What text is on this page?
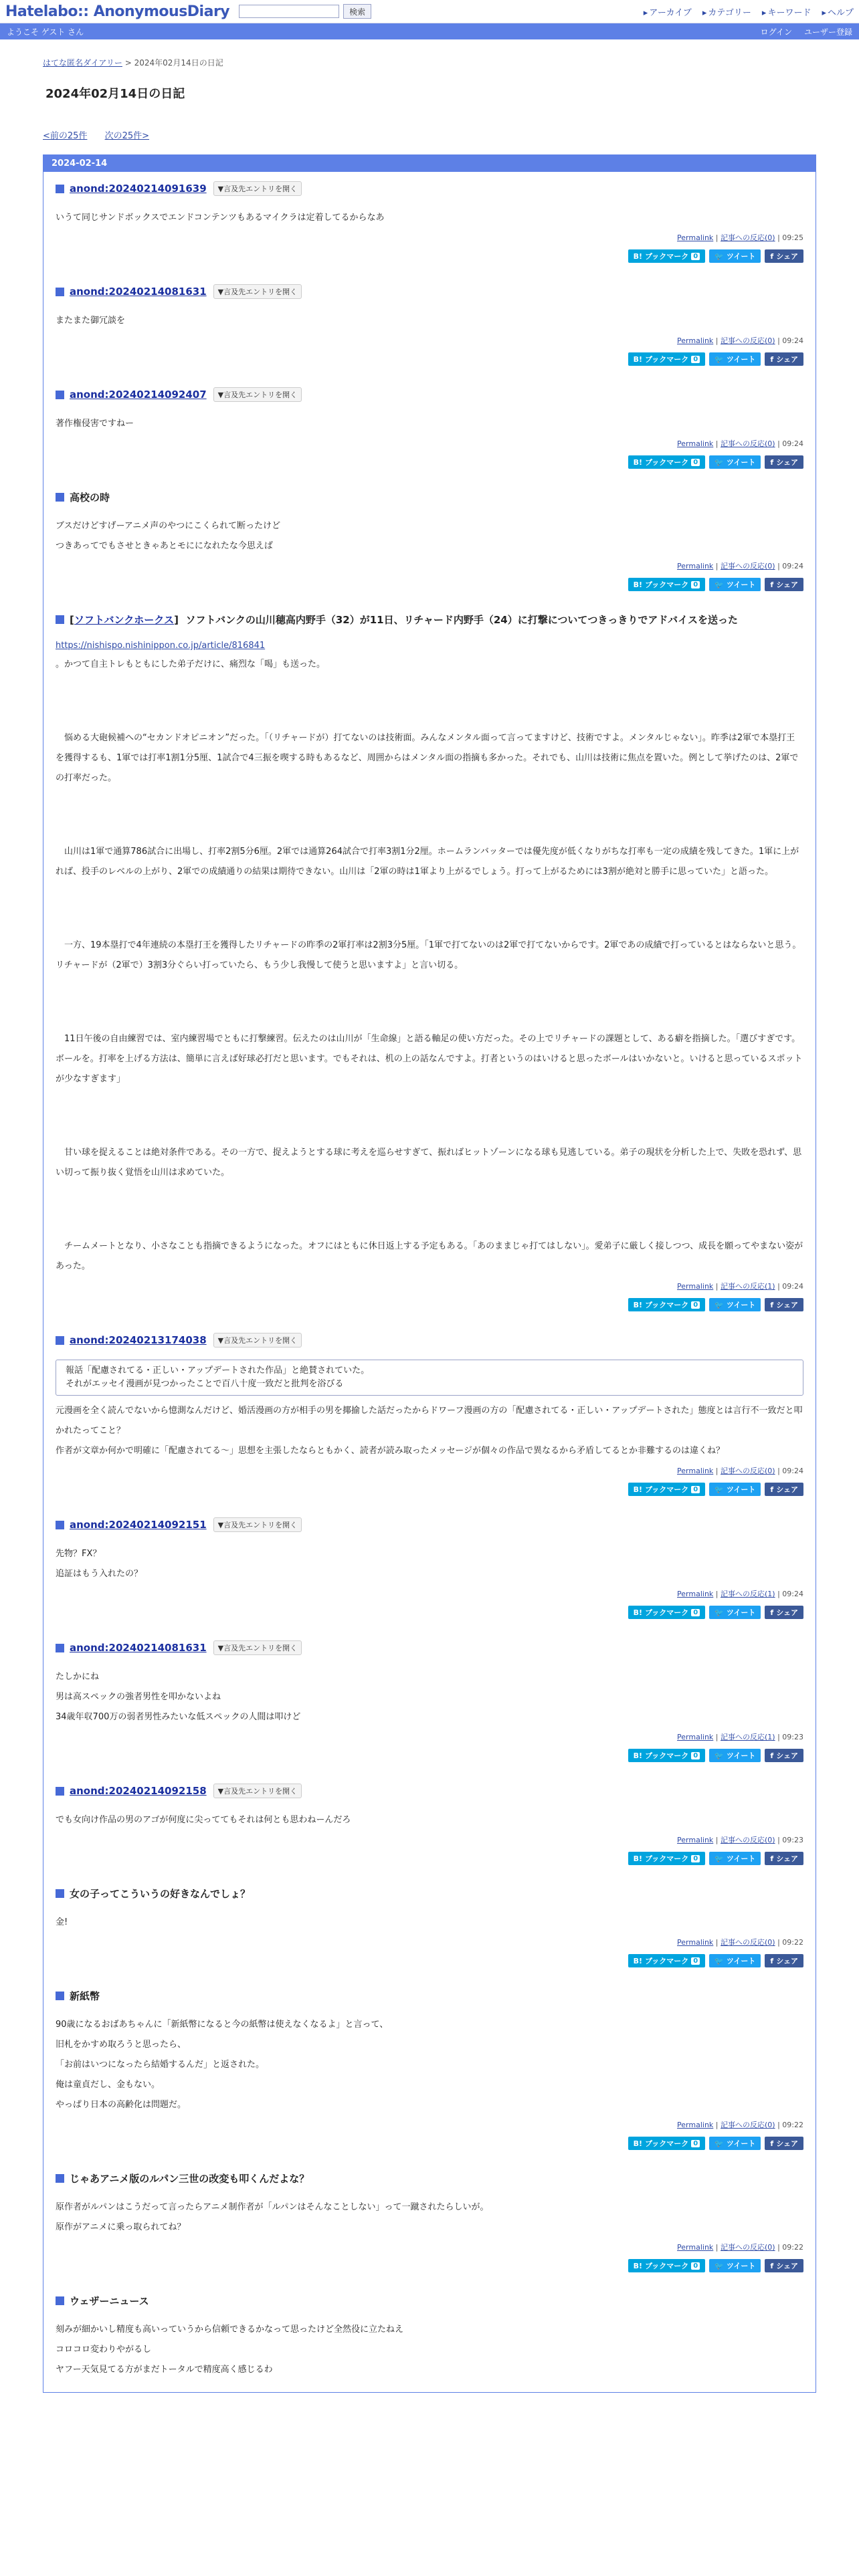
Hatelabo:: AnonymousDiary	検索	▸ アーカイブ ▸ カテゴリー ▸ キーワード ▸ ヘルプ
ようこそ ゲスト さん	ログイン ユーザー登録
はてな匿名ダイアリー > 2024年02月14日の日記
2024年02月14日の日記
<前の25件 次の25件>
2024-02-14
anond:20240214091639	▼言及先エントリを開く

いうて同じサンドボックスでエンドコンテンツもあるマイクラは定着してるからなあ

Permalink | 記事への反応(0) | 09:25
B! ブックマーク 0 🐦 ツイート f シェア
anond:20240214081631	▼言及先エントリを開く

またまた御冗談を

Permalink | 記事への反応(0) | 09:24
B! ブックマーク 0 🐦 ツイート f シェア
anond:20240214092407	▼言及先エントリを開く

著作権侵害ですねー

Permalink | 記事への反応(0) | 09:24
B! ブックマーク 0 🐦 ツイート f シェア
高校の時

ブスだけどすげーアニメ声のやつにこくられて断ったけど

つきあってでもさせときゃあとモにになれたな今思えば

Permalink | 記事への反応(0) | 09:24
B! ブックマーク 0 🐦 ツイート f シェア
[ソフトバンクホークス]  ソフトバンクの山川穂高内野手（32）が11日、リチャード内野手（24）に打撃についてつきっきりでアドバイスを送った
https://nishispo.nishinippon.co.jp/article/816841

。かつて自主トレもともにした弟子だけに、痛烈な「喝」も送った。

　悩める大砲候補への“セカンドオピニオン”だった。「（リチャードが）打てないのは技術面。みんなメンタル面って言ってますけど、技術ですよ。メンタルじゃない」。昨季は2軍で本塁打王を獲得するも、1軍では打率1割1分5厘、1試合で4三振を喫する時もあるなど、周囲からはメンタル面の指摘も多かった。それでも、山川は技術に焦点を置いた。例として挙げたのは、2軍での打率だった。

　山川は1軍で通算786試合に出場し、打率2割5分6厘。2軍では通算264試合で打率3割1分2厘。ホームランバッターでは優先度が低くなりがちな打率も一定の成績を残してきた。1軍に上がれば、投手のレベルの上がり、2軍での成績通りの結果は期待できない。山川は「2軍の時は1軍より上がるでしょう。打って上がるためには3割が絶対と勝手に思っていた」と語った。

　一方、19本塁打で4年連続の本塁打王を獲得したリチャードの昨季の2軍打率は2割3分5厘。「1軍で打てないのは2軍で打てないからです。2軍であの成績で打っているとはならないと思う。リチャードが（2軍で）3割3分ぐらい打っていたら、もう少し我慢して使うと思いますよ」と言い切る。

　11日午後の自由練習では、室内練習場でともに打撃練習。伝えたのは山川が「生命線」と語る軸足の使い方だった。その上でリチャードの課題として、ある癖を指摘した。「選びすぎです。ボールを。打率を上げる方法は、簡単に言えば好球必打だと思います。でもそれは、机の上の話なんですよ。打者というのはいけると思ったボールはいかないと。いけると思っているスポットが少なすぎます」

　甘い球を捉えることは絶対条件である。その一方で、捉えようとする球に考えを巡らせすぎて、振ればヒットゾーンになる球も見逃している。弟子の現状を分析した上で、失敗を恐れず、思い切って振り抜く覚悟を山川は求めていた。

　チームメートとなり、小さなことも指摘できるようになった。オフにはともに休日返上する予定もある。「あのままじゃ打てはしない」。愛弟子に厳しく接しつつ、成長を願ってやまない姿があった。

Permalink | 記事への反応(1) | 09:24
B! ブックマーク 0 🐦 ツイート f シェア
anond:20240213174038	▼言及先エントリを開く

報話「配慮されてる・正しい・アップデートされた作品」と絶賛されていた。

それがエッセイ漫画が見つかったことで百八十度一致だと批判を浴びる

元漫画を全く読んでないから憶測なんだけど、婚活漫画の方が相手の男を揶揄した話だったからドワーフ漫画の方の「配慮されてる・正しい・アップデートされた」態度とは言行不一致だと叩かれたってこと？

作者が文章か何かで明確に「配慮されてる～」思想を主張したならともかく、読者が読み取ったメッセージが個々の作品で異なるから矛盾してるとか非難するのは違くね？

Permalink | 記事への反応(0) | 09:24
B! ブックマーク 0 🐦 ツイート f シェア
anond:20240214092151	▼言及先エントリを開く

先物？FX？

追証はもう入れたの？

Permalink | 記事への反応(1) | 09:24
B! ブックマーク 0 🐦 ツイート f シェア
anond:20240214081631	▼言及先エントリを開く

たしかにね

男は高スペックの強者男性を叩かないよね

34歳年収700万の弱者男性みたいな低スペックの人間は叩けど

Permalink | 記事への反応(1) | 09:23
B! ブックマーク 0 🐦 ツイート f シェア
anond:20240214092158	▼言及先エントリを開く

でも女向け作品の男のアゴが何度に尖っててもそれは何とも思わねーんだろ

Permalink | 記事への反応(0) | 09:23
B! ブックマーク 0 🐦 ツイート f シェア
女の子ってこういうの好きなんでしょ？

金!

Permalink | 記事への反応(0) | 09:22
B! ブックマーク 0 🐦 ツイート f シェア
新紙幣

90歳になるおばあちゃんに「新紙幣になると今の紙幣は使えなくなるよ」と言って、

旧札をかすめ取ろうと思ったら、

「お前はいつになったら結婚するんだ」と返された。

俺は童貞だし、金もない。

やっぱり日本の高齢化は問題だ。

Permalink | 記事への反応(0) | 09:22
B! ブックマーク 0 🐦 ツイート f シェア
じゃあアニメ版のルパン三世の改変も叩くんだよな？

原作者がルパンはこうだって言ったらアニメ制作者が「ルパンはそんなことしない」って一蹴されたらしいが。

原作がアニメに乗っ取られてね？

Permalink | 記事への反応(0) | 09:22
B! ブックマーク 0 🐦 ツイート f シェア
ウェザーニュース

刻みが細かいし精度も高いっていうから信頼できるかなって思ったけど全然役に立たねえ

コロコロ変わりやがるし

ヤフー天気見てる方がまだトータルで精度高く感じるわ
